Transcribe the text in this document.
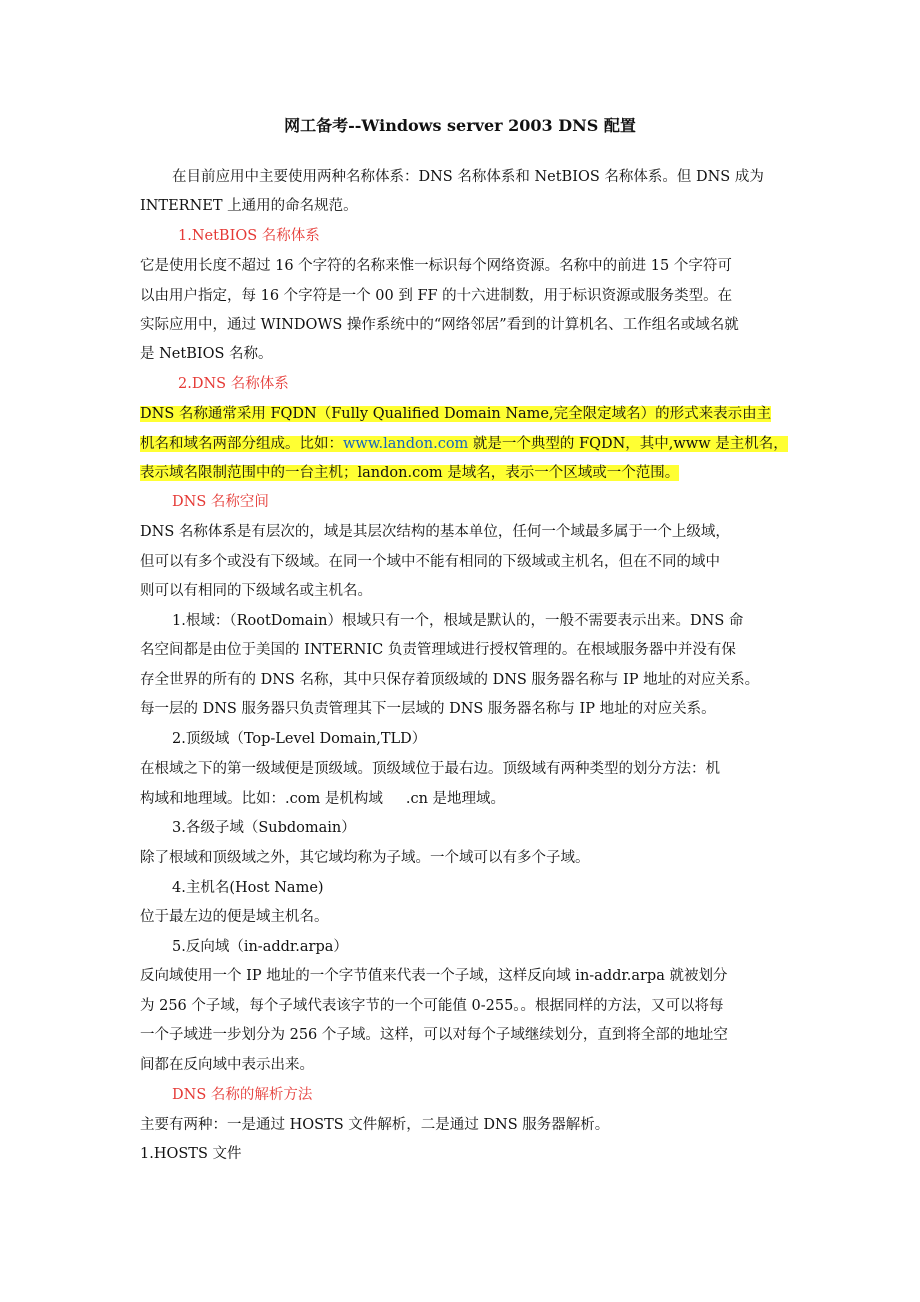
网工备考--Windows server 2003 DNS 配置
在目前应用中主要使用两种名称体系：DNS 名称体系和 NetBIOS 名称体系。但 DNS 成为
INTERNET 上通用的命名规范。
1.NetBIOS 名称体系
它是使用长度不超过 16 个字符的名称来惟一标识每个网络资源。名称中的前进 15 个字符可
以由用户指定，每 16 个字符是一个 00 到 FF 的十六进制数，用于标识资源或服务类型。在
实际应用中，通过 WINDOWS 操作系统中的“网络邻居”看到的计算机名、工作组名或域名就
是 NetBIOS 名称。
2.DNS 名称体系
DNS 名称通常采用 FQDN（Fully Qualified Domain Name,完全限定域名）的形式来表示由主
机名和域名两部分组成。比如：www.landon.com 就是一个典型的 FQDN，其中,www 是主机名，
表示域名限制范围中的一台主机；landon.com 是域名，表示一个区域或一个范围。
DNS 名称空间
DNS 名称体系是有层次的，域是其层次结构的基本单位，任何一个域最多属于一个上级域，
但可以有多个或没有下级域。在同一个域中不能有相同的下级域或主机名，但在不同的域中
则可以有相同的下级域名或主机名。
1.根域：（RootDomain）根域只有一个，根域是默认的，一般不需要表示出来。DNS 命
名空间都是由位于美国的 INTERNIC 负责管理域进行授权管理的。在根域服务器中并没有保
存全世界的所有的 DNS 名称，其中只保存着顶级域的 DNS 服务器名称与 IP 地址的对应关系。
每一层的 DNS 服务器只负责管理其下一层域的 DNS 服务器名称与 IP 地址的对应关系。
2.顶级域（Top-Level Domain,TLD）
在根域之下的第一级域便是顶级域。顶级域位于最右边。顶级域有两种类型的划分方法：机
构域和地理域。比如：.com 是机构域     .cn 是地理域。
3.各级子域（Subdomain）
除了根域和顶级域之外，其它域均称为子域。一个域可以有多个子域。
4.主机名(Host Name)
位于最左边的便是域主机名。
5.反向域（in-addr.arpa）
反向域使用一个 IP 地址的一个字节值来代表一个子域，这样反向域 in-addr.arpa 就被划分
为 256 个子域，每个子域代表该字节的一个可能值 0-255。。根据同样的方法，又可以将每
一个子域进一步划分为 256 个子域。这样，可以对每个子域继续划分，直到将全部的地址空
间都在反向域中表示出来。
DNS 名称的解析方法
主要有两种：一是通过 HOSTS 文件解析，二是通过 DNS 服务器解析。
1.HOSTS 文件
